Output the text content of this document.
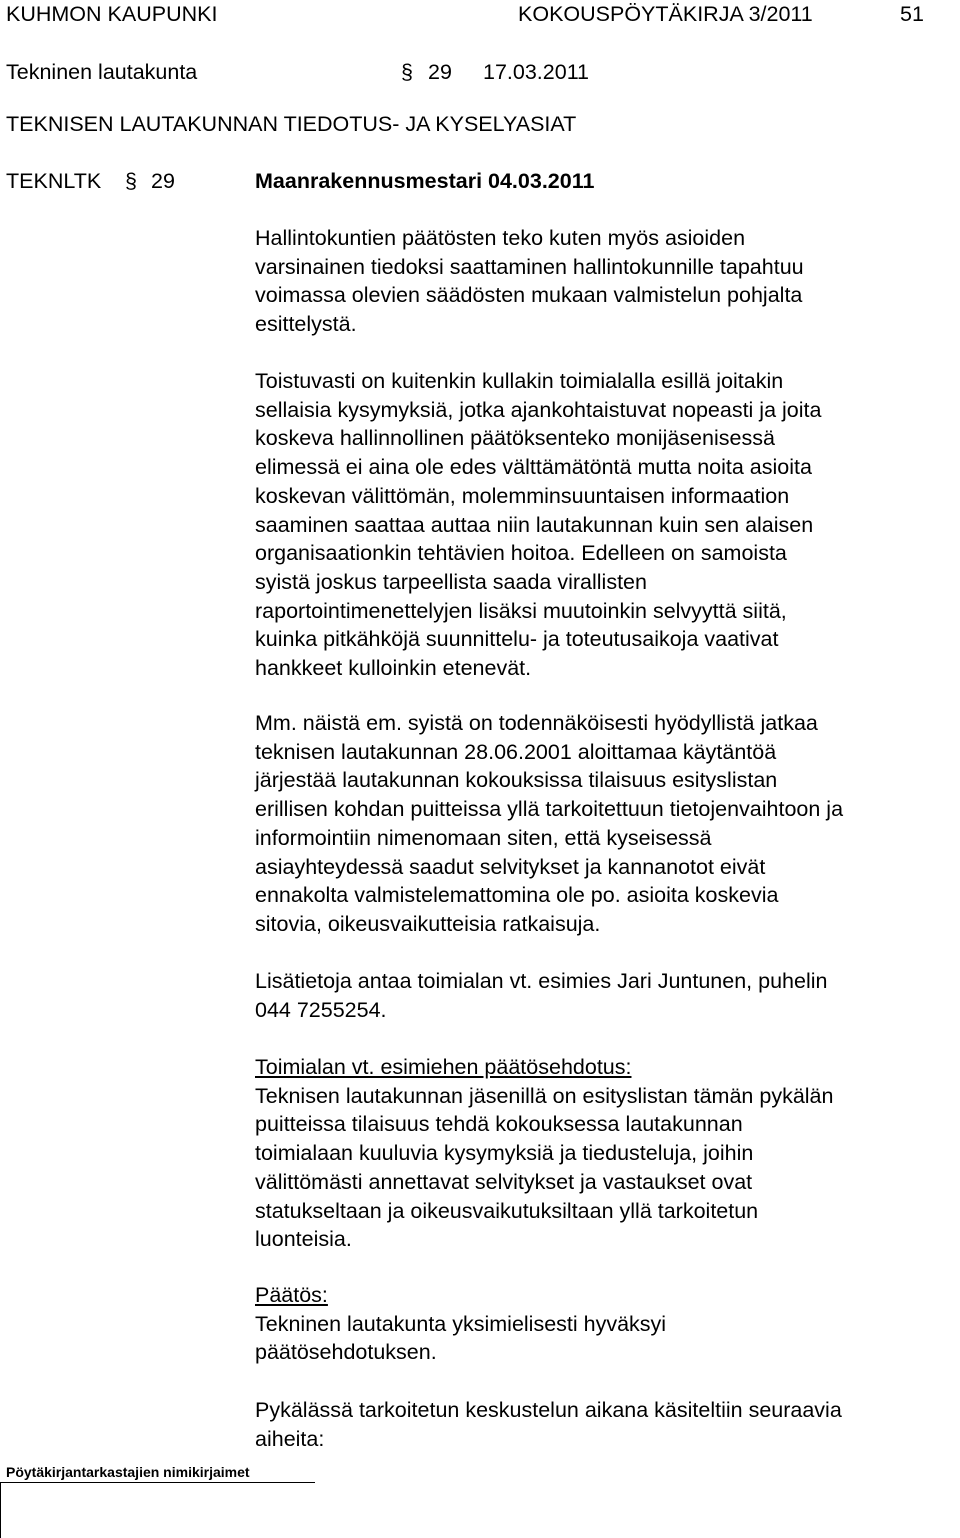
KUHMON KAUPUNKI	KOKOUSPÖYTÄKIRJA 3/2011	51
Tekninen lautakunta	§ 29 17.03.2011
TEKNISEN LAUTAKUNNAN TIEDOTUS- JA KYSELYASIAT
TEKNLTK § 29	Maanrakennusmestari 04.03.2011
Hallintokuntien päätösten teko kuten myös asioiden
varsinainen tiedoksi saattaminen hallintokunnille tapahtuu
voimassa olevien säädösten mukaan valmistelun pohjalta
esittelystä.
Toistuvasti on kuitenkin kullakin toimialalla esillä joitakin
sellaisia kysymyksiä, jotka ajankohtaistuvat nopeasti ja joita
koskeva hallinnollinen päätöksenteko monijäsenisessä
elimessä ei aina ole edes välttämätöntä mutta noita asioita
koskevan välittömän, molemminsuuntaisen informaation
saaminen saattaa auttaa niin lautakunnan kuin sen alaisen
organisaationkin tehtävien hoitoa. Edelleen on samoista
syistä joskus tarpeellista saada virallisten
raportointimenettelyjen lisäksi muutoinkin selvyyttä siitä,
kuinka pitkähköjä suunnittelu- ja toteutusaikoja vaativat
hankkeet kulloinkin etenevät.
Mm. näistä em. syistä on todennäköisesti hyödyllistä jatkaa
teknisen lautakunnan 28.06.2001 aloittamaa käytäntöä
järjestää lautakunnan kokouksissa tilaisuus esityslistan
erillisen kohdan puitteissa yllä tarkoitettuun tietojenvaihtoon ja
informointiin nimenomaan siten, että kyseisessä
asiayhteydessä saadut selvitykset ja kannanotot eivät
ennakolta valmistelemattomina ole po. asioita koskevia
sitovia, oikeusvaikutteisia ratkaisuja.
Lisätietoja antaa toimialan vt. esimies Jari Juntunen, puhelin
044 7255254.
Toimialan vt. esimiehen päätösehdotus:
Teknisen lautakunnan jäsenillä on esityslistan tämän pykälän
puitteissa tilaisuus tehdä kokouksessa lautakunnan
toimialaan kuuluvia kysymyksiä ja tiedusteluja, joihin
välittömästi annettavat selvitykset ja vastaukset ovat
statukseltaan ja oikeusvaikutuksiltaan yllä tarkoitetun
luonteisia.
Päätös:
Tekninen lautakunta yksimielisesti hyväksyi
päätösehdotuksen.
Pykälässä tarkoitetun keskustelun aikana käsiteltiin seuraavia
aiheita:
Pöytäkirjantarkastajien nimikirjaimet
